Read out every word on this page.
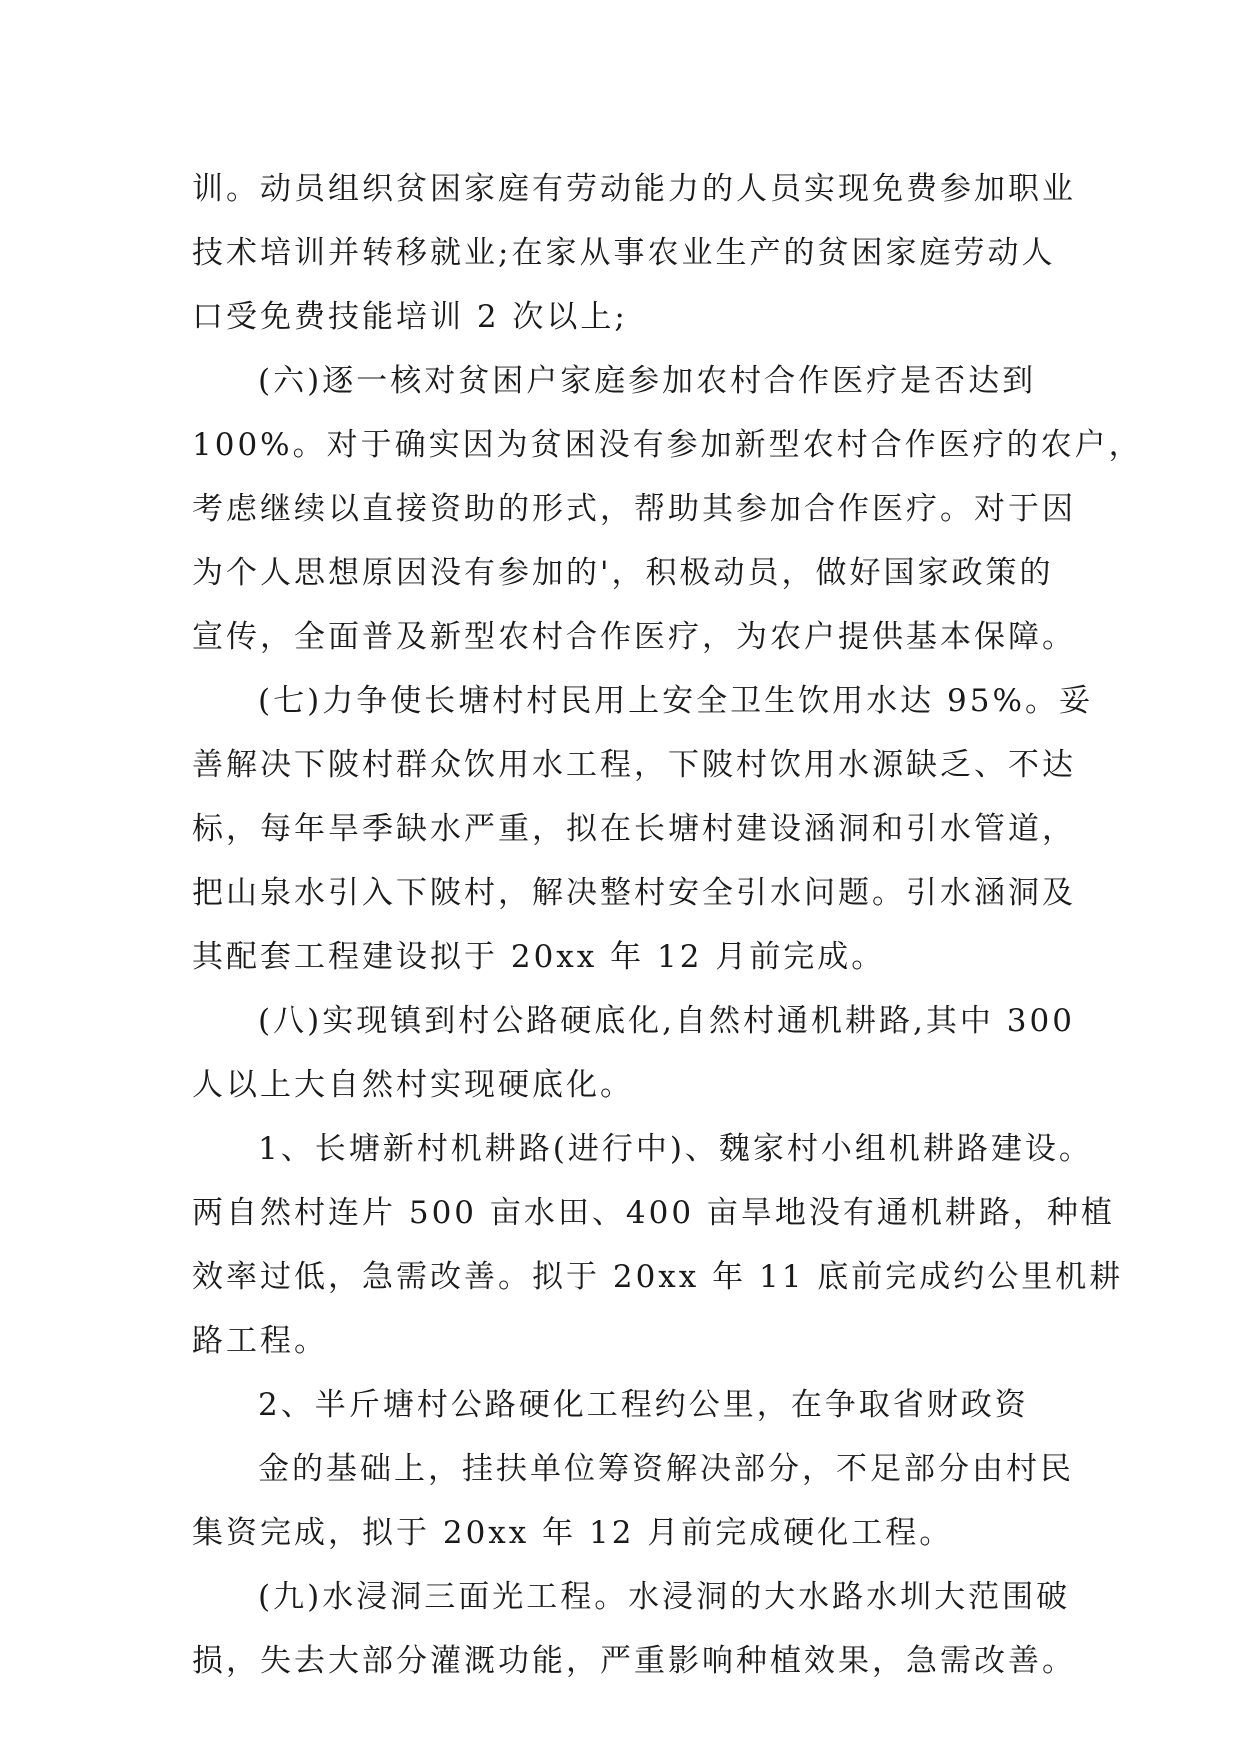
训。动员组织贫困家庭有劳动能力的人员实现免费参加职业
技术培训并转移就业;在家从事农业生产的贫困家庭劳动人
口受免费技能培训 2 次以上;
(六)逐一核对贫困户家庭参加农村合作医疗是否达到
100%。对于确实因为贫困没有参加新型农村合作医疗的农户，
考虑继续以直接资助的形式，帮助其参加合作医疗。对于因
为个人思想原因没有参加的'，积极动员，做好国家政策的
宣传，全面普及新型农村合作医疗，为农户提供基本保障。
(七)力争使长塘村村民用上安全卫生饮用水达 95%。妥
善解决下陂村群众饮用水工程，下陂村饮用水源缺乏、不达
标，每年旱季缺水严重，拟在长塘村建设涵洞和引水管道，
把山泉水引入下陂村，解决整村安全引水问题。引水涵洞及
其配套工程建设拟于 20xx 年 12 月前完成。
(八)实现镇到村公路硬底化,自然村通机耕路,其中 300
人以上大自然村实现硬底化。
1、长塘新村机耕路(进行中)、魏家村小组机耕路建设。
两自然村连片 500 亩水田、400 亩旱地没有通机耕路，种植
效率过低，急需改善。拟于 20xx 年 11 底前完成约公里机耕
路工程。
2、半斤塘村公路硬化工程约公里，在争取省财政资
金的基础上，挂扶单位筹资解决部分，不足部分由村民
集资完成，拟于 20xx 年 12 月前完成硬化工程。
(九)水浸洞三面光工程。水浸洞的大水路水圳大范围破
损，失去大部分灌溉功能，严重影响种植效果，急需改善。
